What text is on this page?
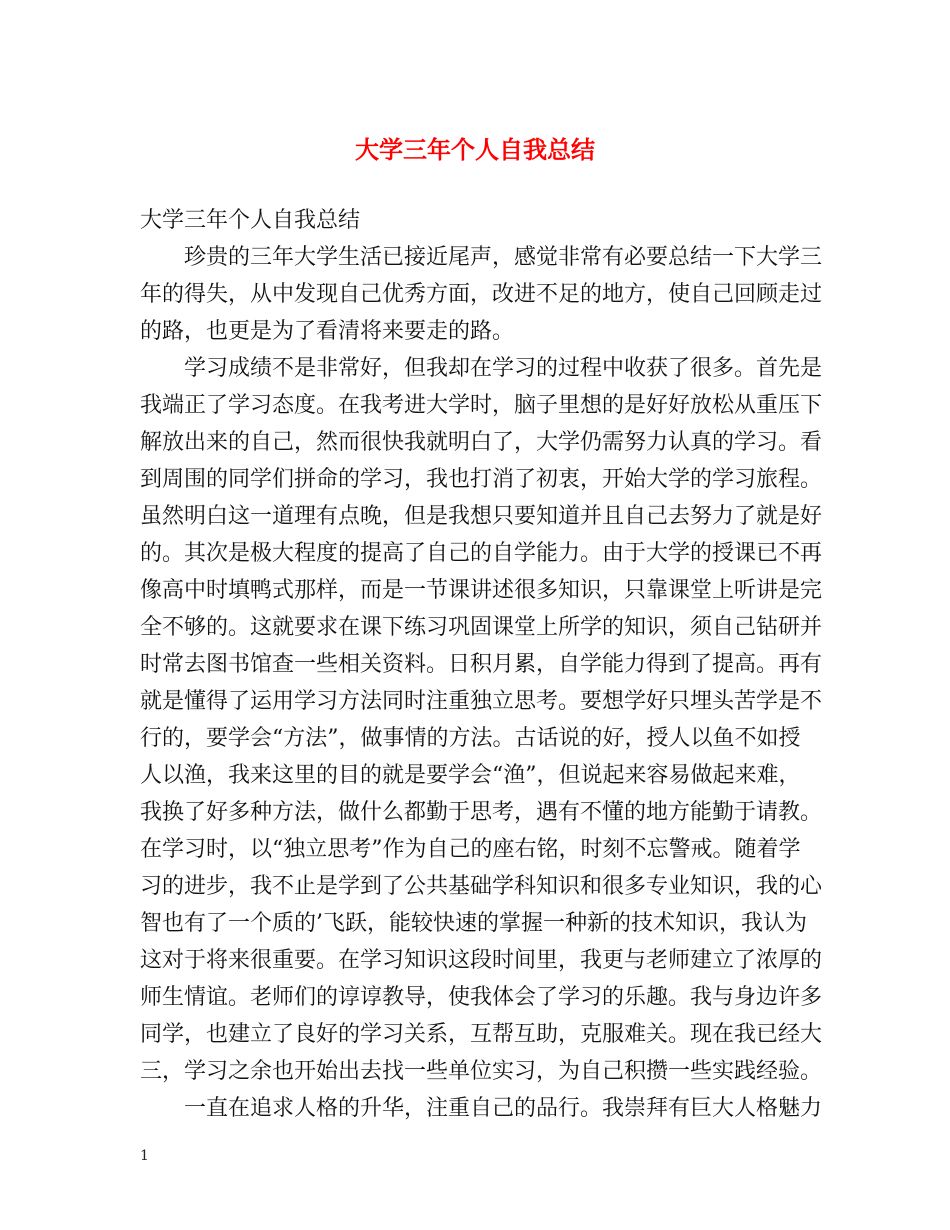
大学三年个人自我总结
大学三年个人自我总结
珍贵的三年大学生活已接近尾声，感觉非常有必要总结一下大学三
年的得失，从中发现自己优秀方面，改进不足的地方，使自己回顾走过
的路，也更是为了看清将来要走的路。
学习成绩不是非常好，但我却在学习的过程中收获了很多。首先是
我端正了学习态度。在我考进大学时，脑子里想的是好好放松从重压下
解放出来的自己，然而很快我就明白了，大学仍需努力认真的学习。看
到周围的同学们拼命的学习，我也打消了初衷，开始大学的学习旅程。
虽然明白这一道理有点晚，但是我想只要知道并且自己去努力了就是好
的。其次是极大程度的提高了自己的自学能力。由于大学的授课已不再
像高中时填鸭式那样，而是一节课讲述很多知识，只靠课堂上听讲是完
全不够的。这就要求在课下练习巩固课堂上所学的知识，须自己钻研并
时常去图书馆查一些相关资料。日积月累，自学能力得到了提高。再有
就是懂得了运用学习方法同时注重独立思考。要想学好只埋头苦学是不
行的，要学会“方法”，做事情的方法。古话说的好，授人以鱼不如授
人以渔，我来这里的目的就是要学会“渔”，但说起来容易做起来难，
我换了好多种方法，做什么都勤于思考，遇有不懂的地方能勤于请教。
在学习时，以“独立思考”作为自己的座右铭，时刻不忘警戒。随着学
习的进步，我不止是学到了公共基础学科知识和很多专业知识，我的心
智也有了一个质的’飞跃，能较快速的掌握一种新的技术知识，我认为
这对于将来很重要。在学习知识这段时间里，我更与老师建立了浓厚的
师生情谊。老师们的谆谆教导，使我体会了学习的乐趣。我与身边许多
同学，也建立了良好的学习关系，互帮互助，克服难关。现在我已经大
三，学习之余也开始出去找一些单位实习，为自己积攒一些实践经验。
一直在追求人格的升华，注重自己的品行。我崇拜有巨大人格魅力
1
